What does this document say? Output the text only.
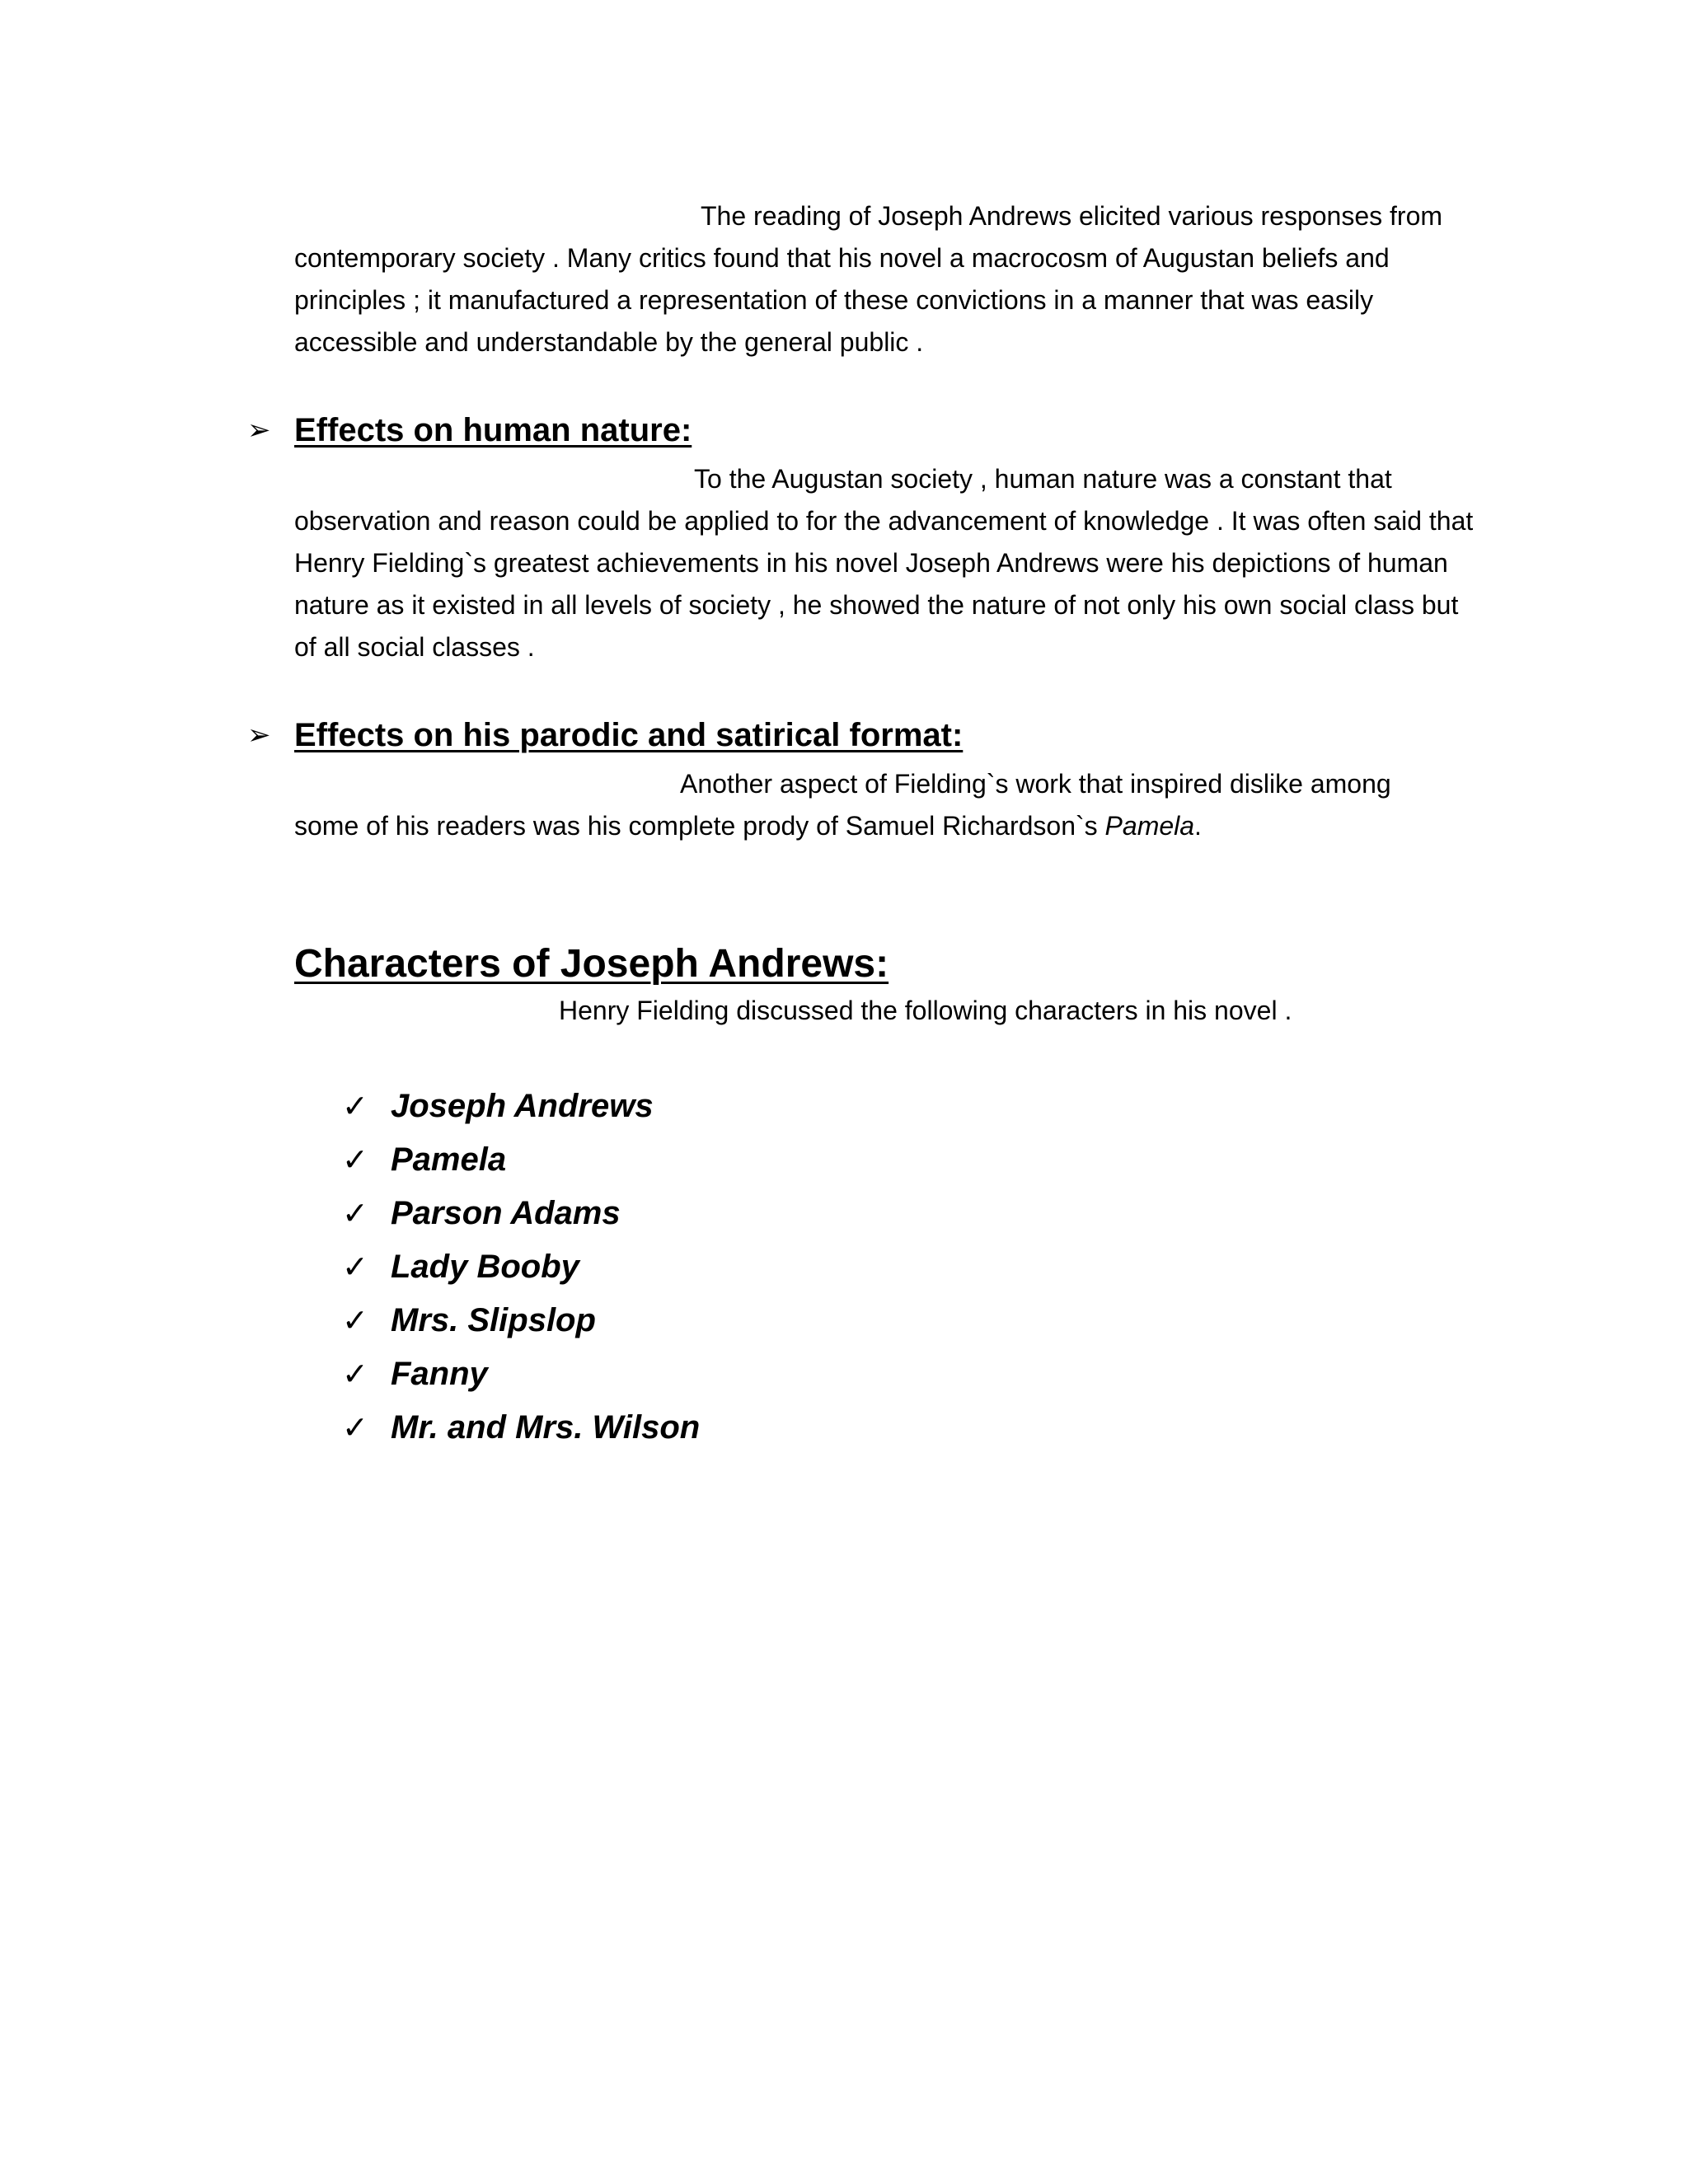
The reading of Joseph Andrews elicited various responses from
contemporary society . Many critics found that his novel a macrocosm of Augustan beliefs and principles ; it manufactured a representation of these convictions in a manner that was easily accessible and understandable by the general public .

➢ Effects on human nature:

To the Augustan society , human nature was a constant that
observation and reason could be applied to for the advancement of knowledge . It was often said that Henry Fielding`s greatest achievements in his novel Joseph Andrews were his depictions of human nature as it existed in all levels of society , he showed the nature of not only his own social class but of all social classes .

➢ Effects on his parodic and satirical format:

Another aspect of Fielding`s work that inspired dislike among
some of his readers was his complete prody of Samuel Richardson`s Pamela.

Characters of Joseph Andrews:

Henry Fielding discussed the following characters in his novel .

✓ Joseph Andrews
✓ Pamela
✓ Parson Adams
✓ Lady Booby
✓ Mrs. Slipslop
✓ Fanny
✓ Mr. and Mrs. Wilson
